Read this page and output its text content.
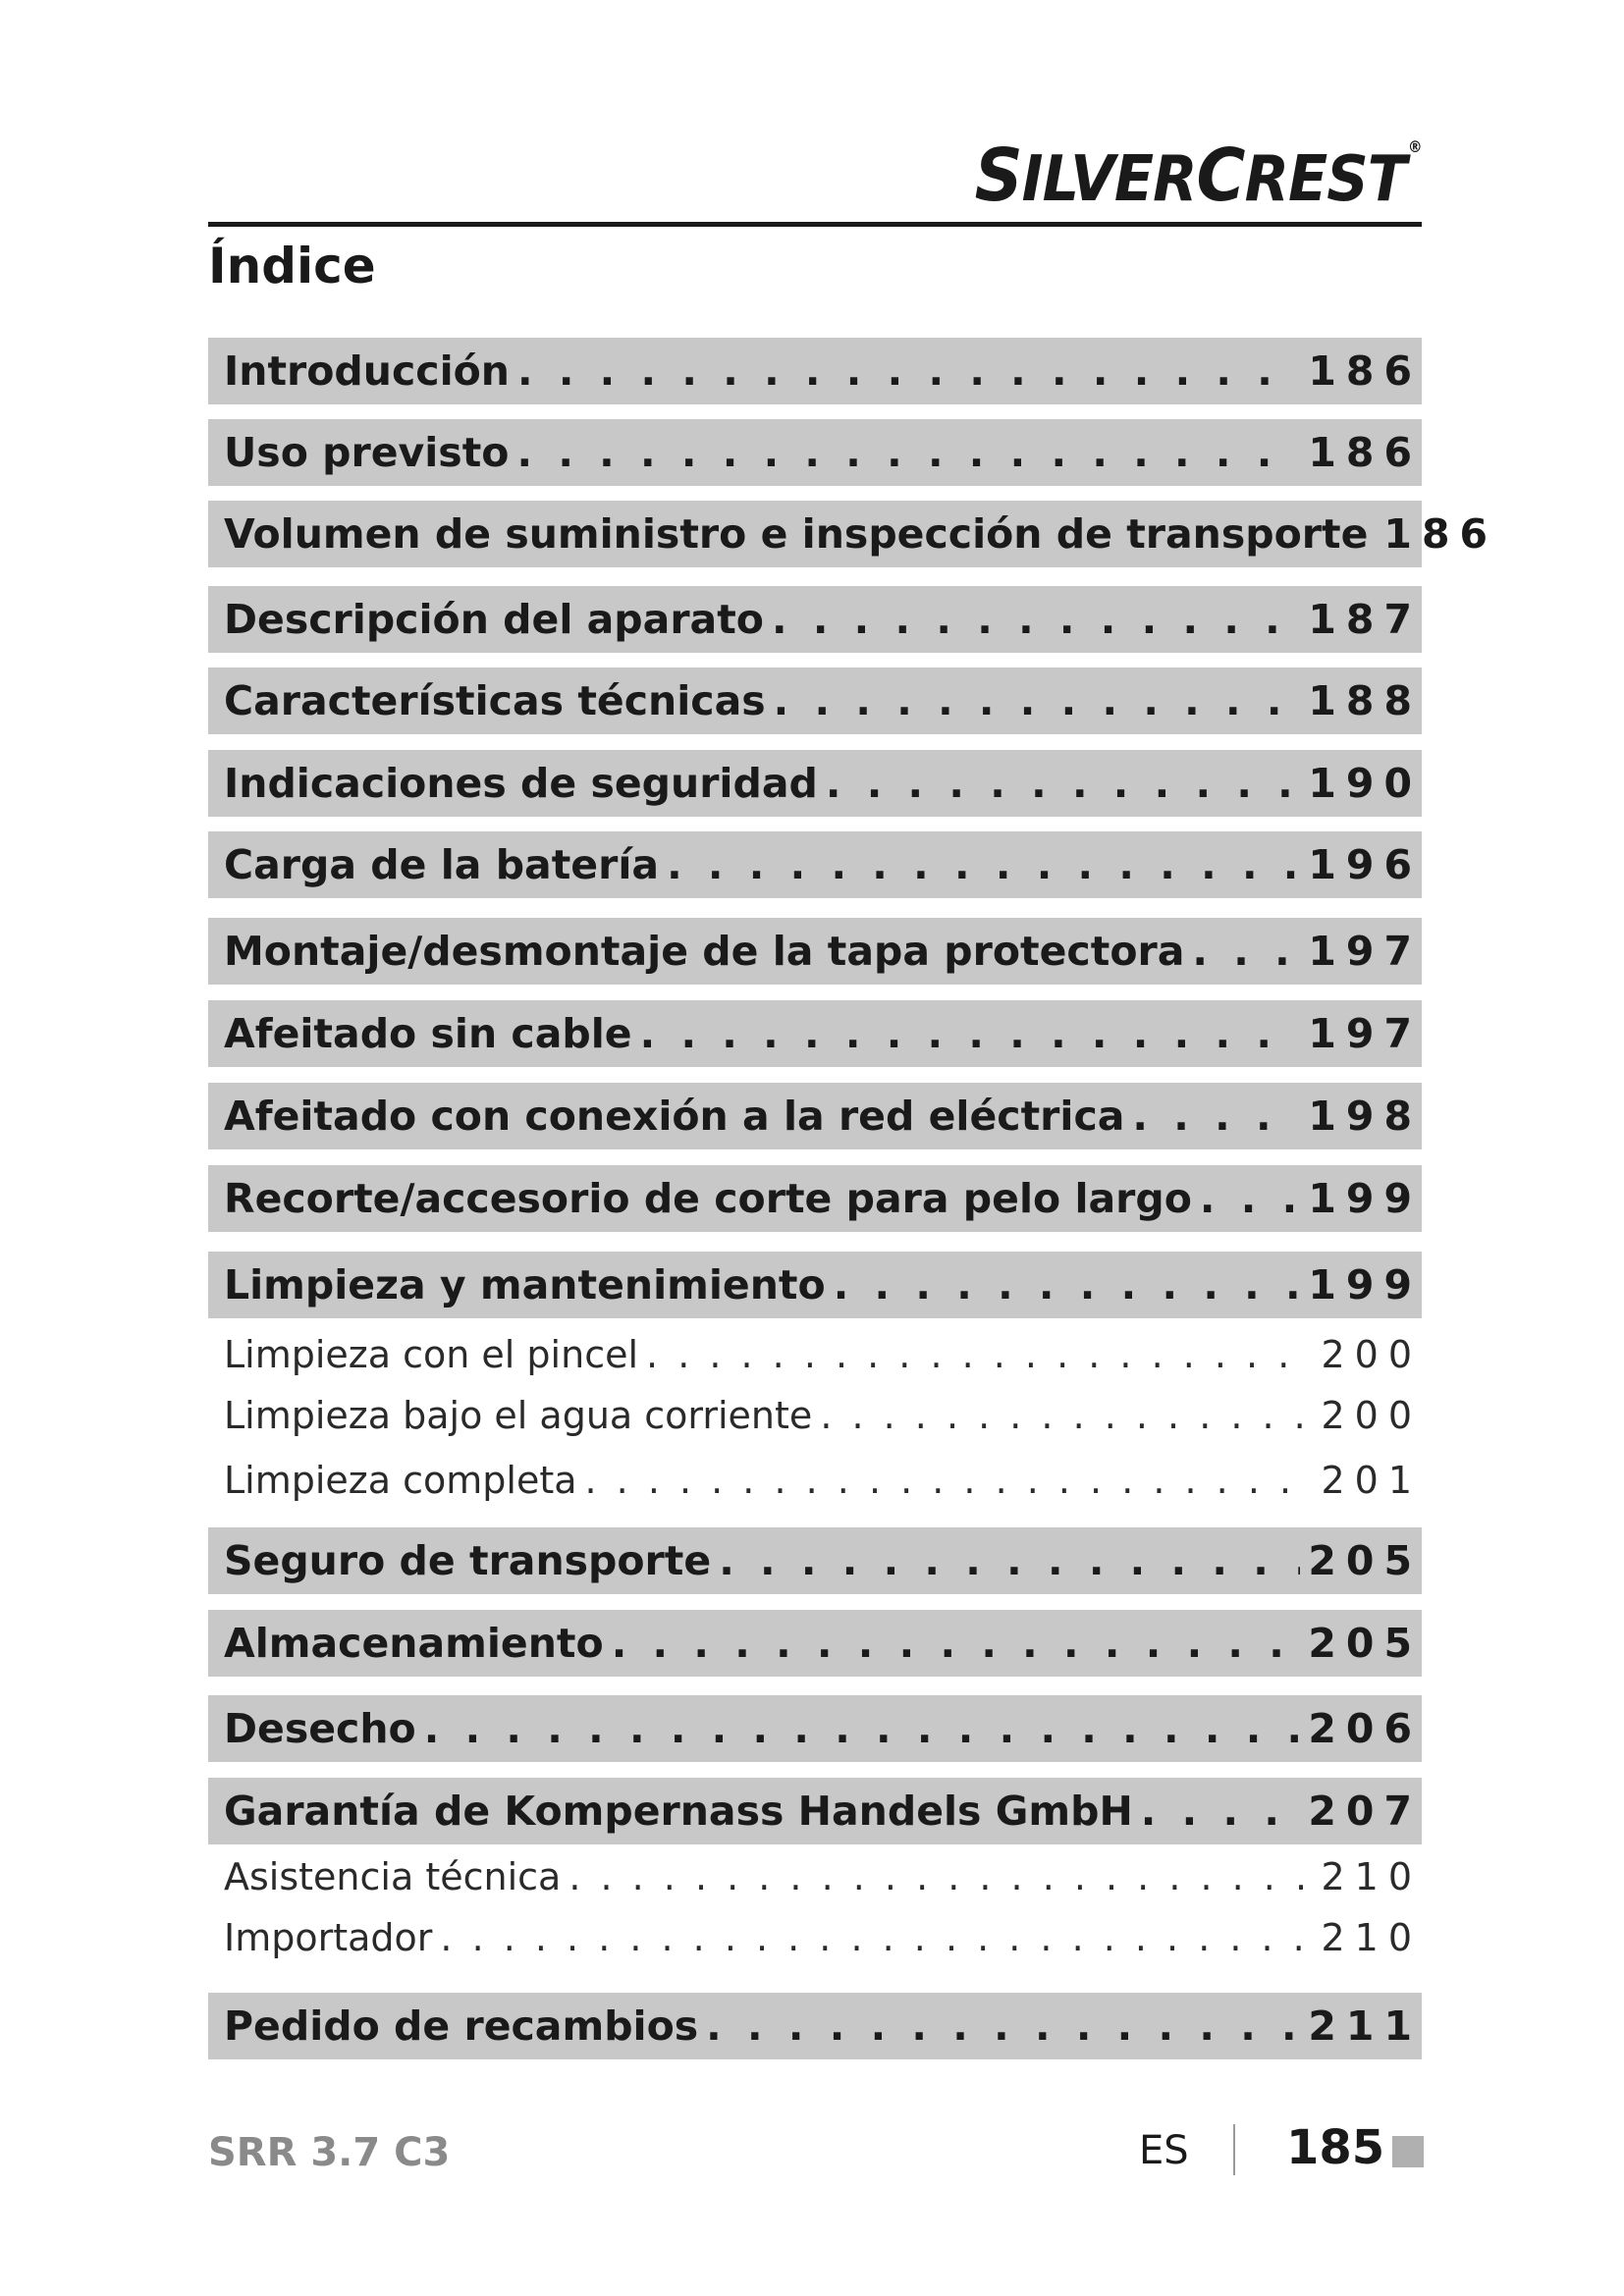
SILVERCREST ®
Índice
Introducción . . .	186
Uso previsto . . .	186
Volumen de suministro e inspección de transporte 186
Descripción del aparato . . .	187
Características técnicas . . .	188
Indicaciones de seguridad . . .	190
Carga de la batería . . .	196
Montaje/desmontaje de la tapa protectora . . .	197
Afeitado sin cable . . .	197
Afeitado con conexión a la red eléctrica . . .	198
Recorte/accesorio de corte para pelo largo . . .	199
Limpieza y mantenimiento . . .	199
Limpieza con el pincel . . .	200
Limpieza bajo el agua corriente . . .	200
Limpieza completa . . .	201
Seguro de transporte . . .	205
Almacenamiento . . .	205
Desecho . . .	206
Garantía de Kompernass Handels GmbH . . .	207
Asistencia técnica . . .	210
Importador . . .	210
Pedido de recambios . . .	211
SRR 3.7 C3	ES 185
